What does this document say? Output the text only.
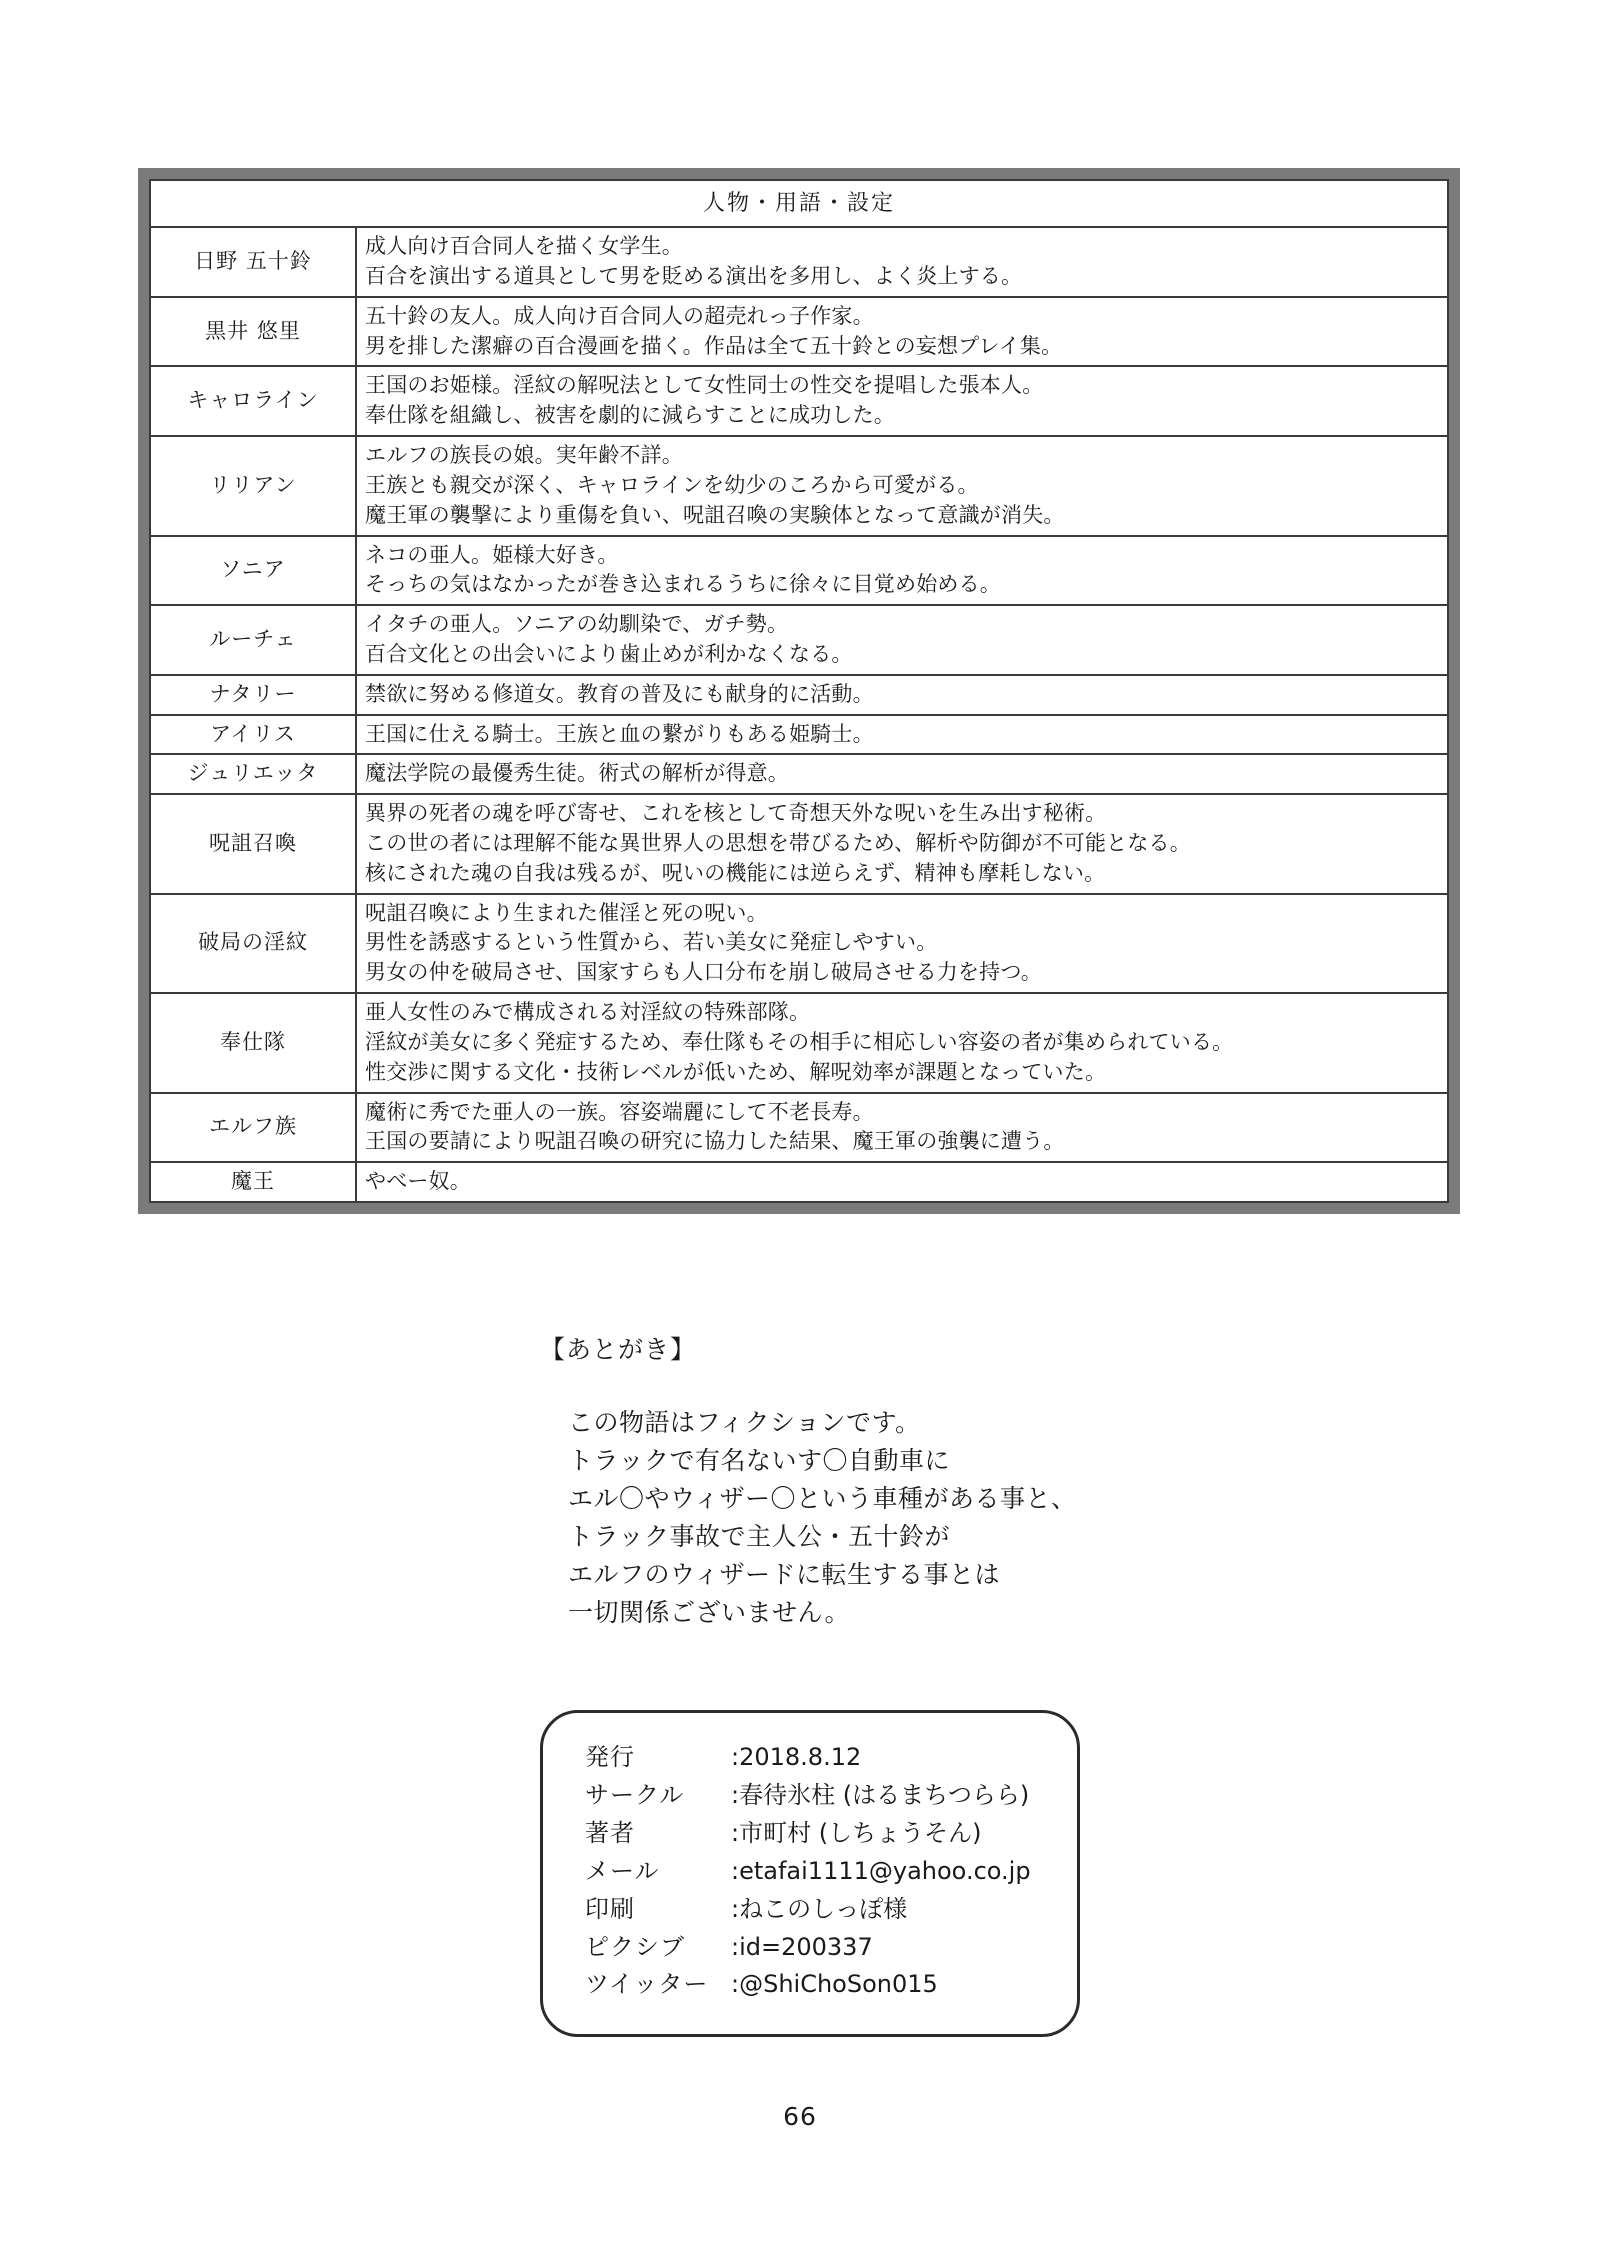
人物・用語・設定	
日野 五十鈴	成人向け百合同人を描く女学生。
百合を演出する道具として男を貶める演出を多用し、よく炎上する。

黒井 悠里	五十鈴の友人。成人向け百合同人の超売れっ子作家。
男を排した潔癖の百合漫画を描く。作品は全て五十鈴との妄想プレイ集。

キャロライン	王国のお姫様。淫紋の解呪法として女性同士の性交を提唱した張本人。
奉仕隊を組織し、被害を劇的に減らすことに成功した。

リリアン	エルフの族長の娘。実年齢不詳。
王族とも親交が深く、キャロラインを幼少のころから可愛がる。
魔王軍の襲撃により重傷を負い、呪詛召喚の実験体となって意識が消失。

ソニア	ネコの亜人。姫様大好き。
そっちの気はなかったが巻き込まれるうちに徐々に目覚め始める。

ルーチェ	イタチの亜人。ソニアの幼馴染で、ガチ勢。
百合文化との出会いにより歯止めが利かなくなる。

ナタリー	禁欲に努める修道女。教育の普及にも献身的に活動。

アイリス	王国に仕える騎士。王族と血の繋がりもある姫騎士。

ジュリエッタ	魔法学院の最優秀生徒。術式の解析が得意。

呪詛召喚	異界の死者の魂を呼び寄せ、これを核として奇想天外な呪いを生み出す秘術。
この世の者には理解不能な異世界人の思想を帯びるため、解析や防御が不可能となる。
核にされた魂の自我は残るが、呪いの機能には逆らえず、精神も摩耗しない。

破局の淫紋	呪詛召喚により生まれた催淫と死の呪い。
男性を誘惑するという性質から、若い美女に発症しやすい。
男女の仲を破局させ、国家すらも人口分布を崩し破局させる力を持つ。

奉仕隊	亜人女性のみで構成される対淫紋の特殊部隊。
淫紋が美女に多く発症するため、奉仕隊もその相手に相応しい容姿の者が集められている。
性交渉に関する文化・技術レベルが低いため、解呪効率が課題となっていた。

エルフ族	魔術に秀でた亜人の一族。容姿端麗にして不老長寿。
王国の要請により呪詛召喚の研究に協力した結果、魔王軍の強襲に遭う。

魔王	やべー奴。
【あとがき】
この物語はフィクションです。
トラックで有名ないす〇自動車に
エル〇やウィザー〇という車種がある事と、
トラック事故で主人公・五十鈴が
エルフのウィザードに転生する事とは
一切関係ございません。
発行	:2018.8.12
サークル	:春待氷柱 (はるまちつらら)
著者	:市町村 (しちょうそん)
メール	:etafai1111@yahoo.co.jp
印刷	:ねこのしっぽ様
ピクシブ	:id=200337
ツイッター :@ShiChoSon015
66
